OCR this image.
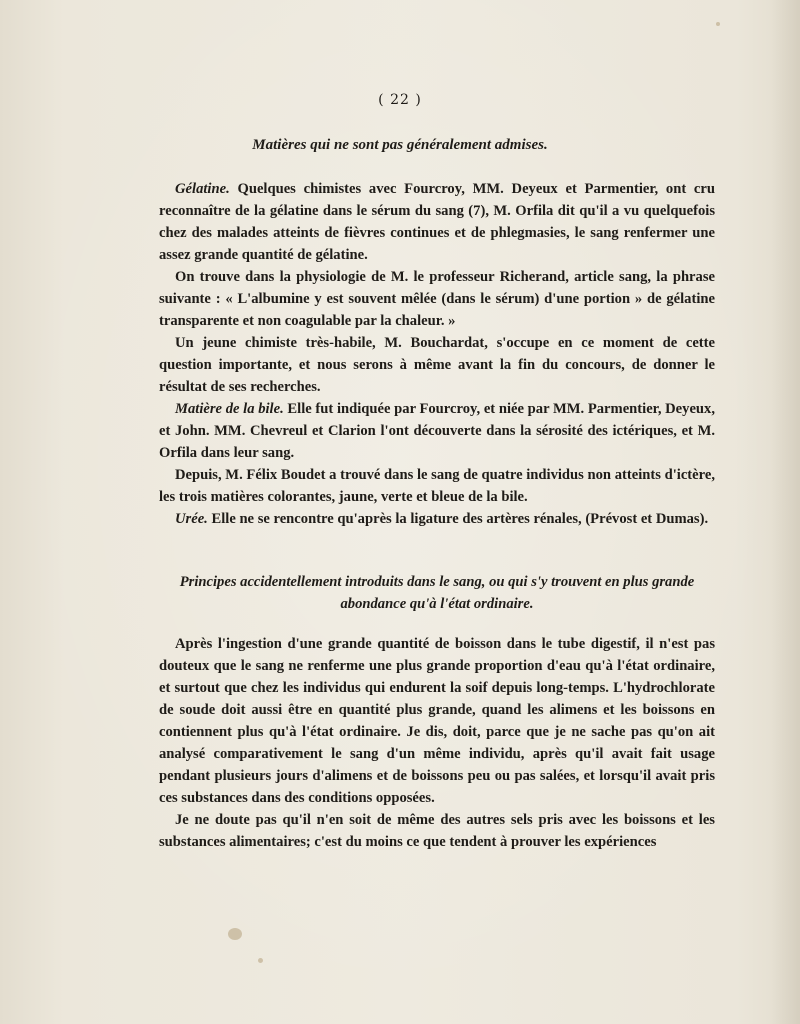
( 22 )
Matières qui ne sont pas généralement admises.

Gélatine. Quelques chimistes avec Fourcroy, MM. Deyeux et Parmentier, ont cru reconnaître de la gélatine dans le sérum du sang (7), M. Orfila dit qu'il a vu quelquefois chez des malades atteints de fièvres continues et de phlegmasies, le sang renfermer une assez grande quantité de gélatine.

On trouve dans la physiologie de M. le professeur Richerand, article sang, la phrase suivante : « L'albumine y est souvent mêlée (dans le sérum) d'une portion » de gélatine transparente et non coagulable par la chaleur. »

Un jeune chimiste très-habile, M. Bouchardat, s'occupe en ce moment de cette question importante, et nous serons à même avant la fin du concours, de donner le résultat de ses recherches.

Matière de la bile. Elle fut indiquée par Fourcroy, et niée par MM. Parmentier, Deyeux, et John. MM. Chevreul et Clarion l'ont découverte dans la sérosité des ictériques, et M. Orfila dans leur sang.

Depuis, M. Félix Boudet a trouvé dans le sang de quatre individus non atteints d'ictère, les trois matières colorantes, jaune, verte et bleue de la bile.

Urée. Elle ne se rencontre qu'après la ligature des artères rénales, (Prévost et Dumas).

Principes accidentellement introduits dans le sang, ou qui s'y trouvent en plus grande abondance qu'à l'état ordinaire.

Après l'ingestion d'une grande quantité de boisson dans le tube digestif, il n'est pas douteux que le sang ne renferme une plus grande proportion d'eau qu'à l'état ordinaire, et surtout que chez les individus qui endurent la soif depuis long-temps. L'hydrochlorate de soude doit aussi être en quantité plus grande, quand les alimens et les boissons en contiennent plus qu'à l'état ordinaire. Je dis, doit, parce que je ne sache pas qu'on ait analysé comparativement le sang d'un même individu, après qu'il avait fait usage pendant plusieurs jours d'alimens et de boissons peu ou pas salées, et lorsqu'il avait pris ces substances dans des conditions opposées.

Je ne doute pas qu'il n'en soit de même des autres sels pris avec les boissons et les substances alimentaires; c'est du moins ce que tendent à prouver les expériences
